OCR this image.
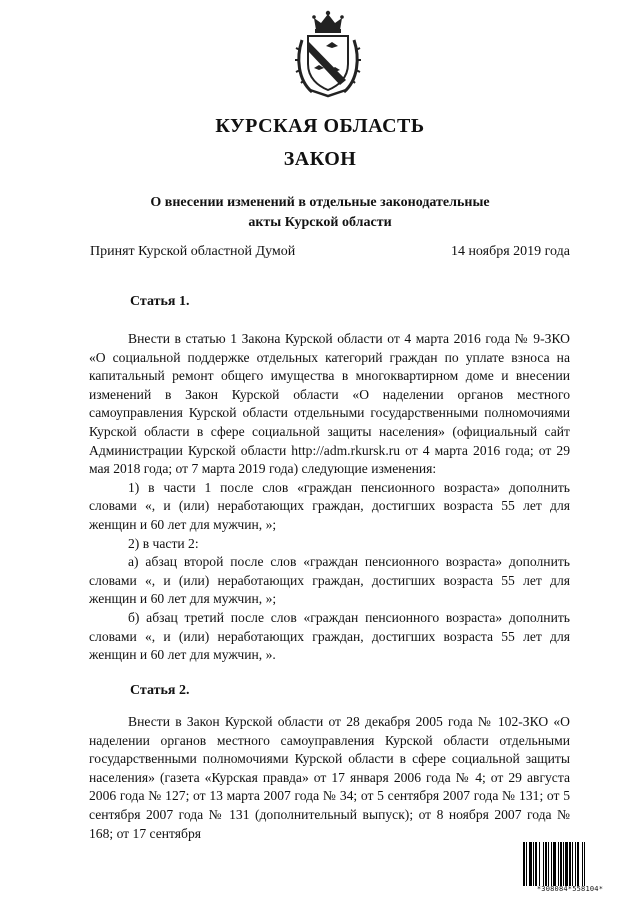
КУРСКАЯ ОБЛАСТЬ
ЗАКОН
О внесении изменений в отдельные законодательные
акты Курской области
Принят Курской областной Думой	14 ноября 2019 года
Статья 1.

Внести в статью 1 Закона Курской области от 4 марта 2016 года № 9-ЗКО «О социальной поддержке отдельных категорий граждан по уплате взноса на капитальный ремонт общего имущества в многоквартирном доме и внесении изменений в Закон Курской области «О наделении органов местного самоуправления Курской области отдельными государственными полномочиями Курской области в сфере социальной защиты населения» (официальный сайт Администрации Курской области http://adm.rkursk.ru от 4 марта 2016 года; от 29 мая 2018 года; от 7 марта 2019 года) следующие изменения:

1) в части 1 после слов «граждан пенсионного возраста» дополнить словами «, и (или) неработающих граждан, достигших возраста 55 лет для женщин и 60 лет для мужчин, »;

2) в части 2:

а) абзац второй после слов «граждан пенсионного возраста» дополнить словами «, и (или) неработающих граждан, достигших возраста 55 лет для женщин и 60 лет для мужчин, »;

б) абзац третий после слов «граждан пенсионного возраста» дополнить словами «, и (или) неработающих граждан, достигших возраста 55 лет для женщин и 60 лет для мужчин, ».

Статья 2.

Внести в Закон Курской области от 28 декабря 2005 года № 102-ЗКО «О наделении органов местного самоуправления Курской области отдельными государственными полномочиями Курской области в сфере социальной защиты населения» (газета «Курская правда» от 17 января 2006 года № 4; от 29 августа 2006 года № 127; от 13 марта 2007 года № 34; от 5 сентября 2007 года № 131; от 5 сентября 2007 года № 131 (дополнительный выпуск); от 8 ноября 2007 года № 168; от 17 сентября

*308084*558104*
